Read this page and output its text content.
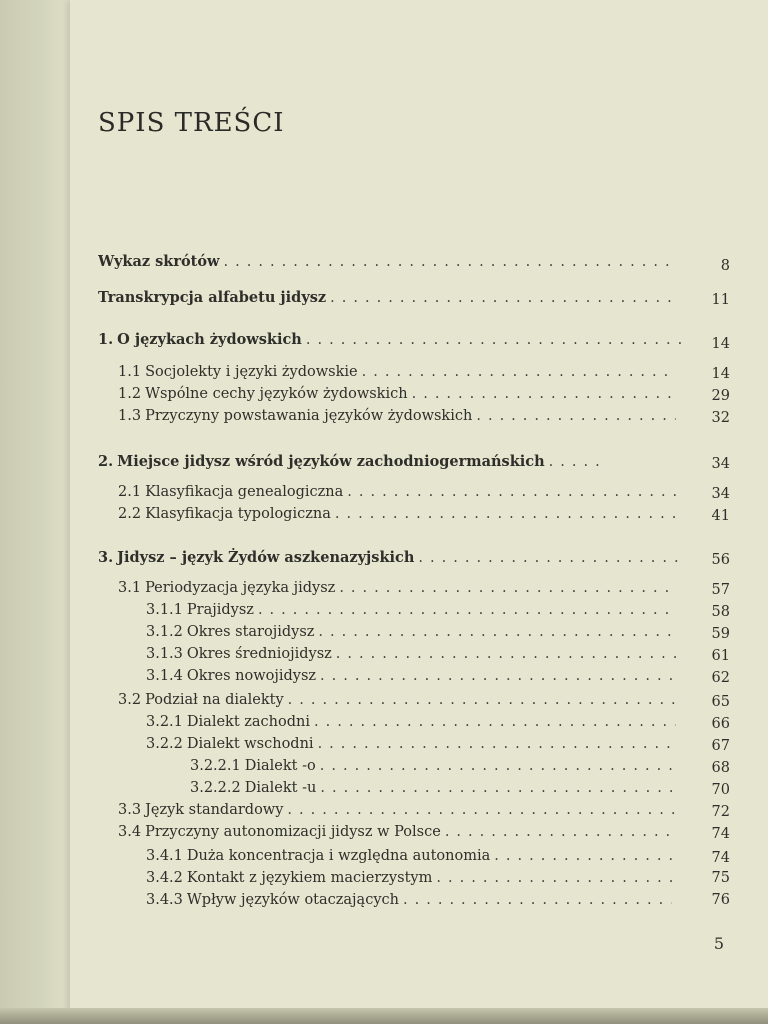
SPIS TREŚCI
Wykaz skrótów . . .	8
Transkrypcja alfabetu jidysz . . .	11
1. O językach żydowskich . . .	14
1.1 Socjolekty i języki żydowskie . . .	14
1.2 Wspólne cechy języków żydowskich . . .	29
1.3 Przyczyny powstawania języków żydowskich . . .	32
2. Miejsce jidysz wśród języków zachodniogermańskich . . .	34
2.1 Klasyfikacja genealogiczna . . .	34
2.2 Klasyfikacja typologiczna . . .	41
3. Jidysz – język Żydów aszkenazyjskich . . .	56
3.1 Periodyzacja języka jidysz . . .	57
3.1.1 Prajidysz . . .	58
3.1.2 Okres starojidysz . . .	59
3.1.3 Okres średniojidysz . . .	61
3.1.4 Okres nowojidysz . . .	62
3.2 Podział na dialekty . . .	65
3.2.1 Dialekt zachodni . . .	66
3.2.2 Dialekt wschodni . . .	67
3.2.2.1 Dialekt -o . . .	68
3.2.2.2 Dialekt -u . . .	70
3.3 Język standardowy . . .	72
3.4 Przyczyny autonomizacji jidysz w Polsce . . .	74
3.4.1 Duża koncentracja i względna autonomia . . .	74
3.4.2 Kontakt z językiem macierzystym . . .	75
3.4.3 Wpływ języków otaczających . . .	76
5
